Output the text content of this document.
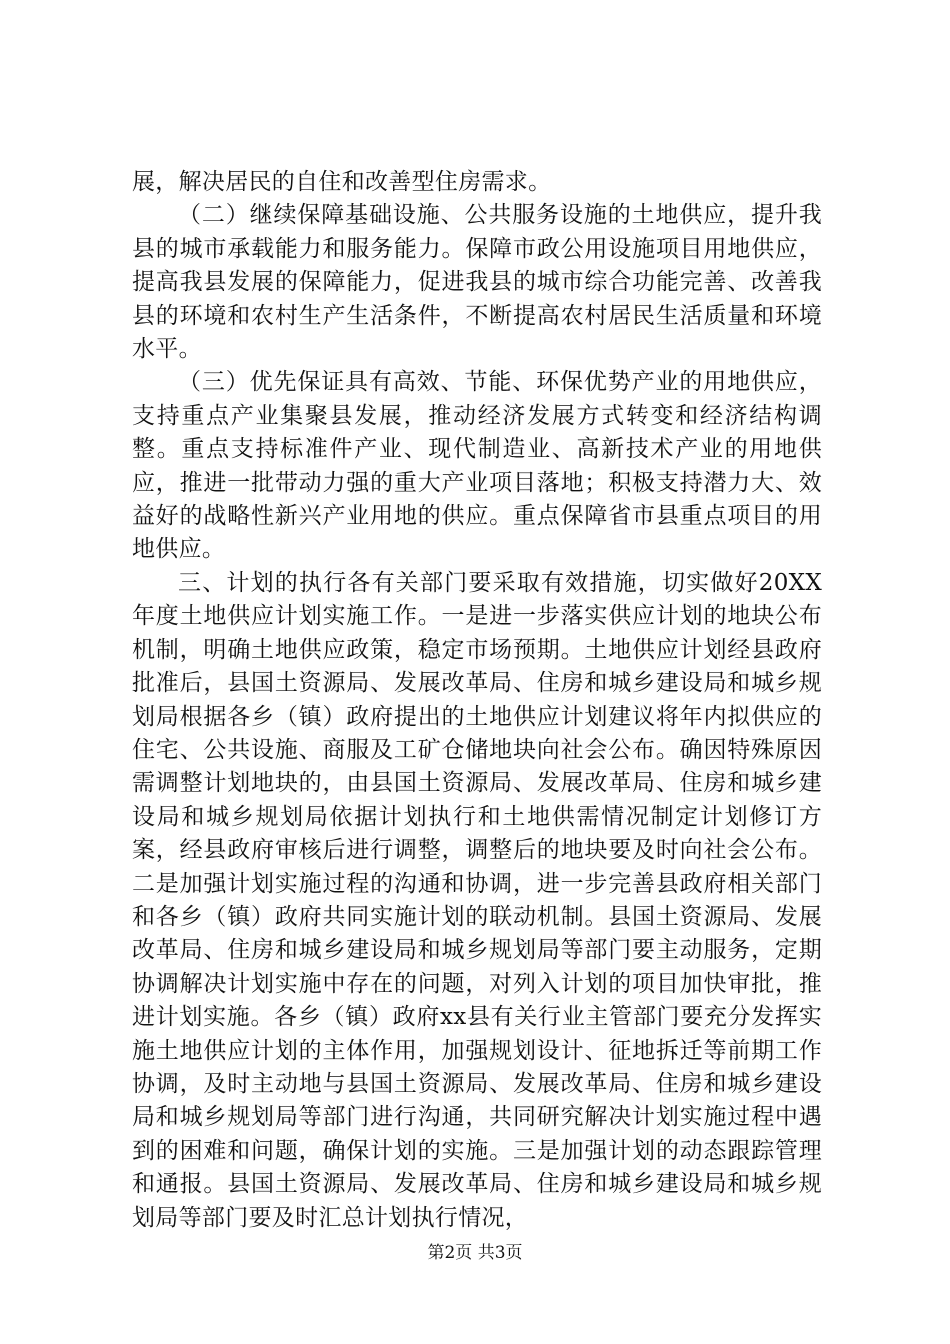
展，解决居民的自住和改善型住房需求。

（二）继续保障基础设施、公共服务设施的土地供应，提升我县的城市承载能力和服务能力。保障市政公用设施项目用地供应，提高我县发展的保障能力，促进我县的城市综合功能完善、改善我县的环境和农村生产生活条件，不断提高农村居民生活质量和环境水平。

（三）优先保证具有高效、节能、环保优势产业的用地供应，支持重点产业集聚县发展，推动经济发展方式转变和经济结构调整。重点支持标准件产业、现代制造业、高新技术产业的用地供应，推进一批带动力强的重大产业项目落地；积极支持潜力大、效益好的战略性新兴产业用地的供应。重点保障省市县重点项目的用地供应。

三、计划的执行各有关部门要采取有效措施，切实做好20XX年度土地供应计划实施工作。一是进一步落实供应计划的地块公布机制，明确土地供应政策，稳定市场预期。土地供应计划经县政府批准后，县国土资源局、发展改革局、住房和城乡建设局和城乡规划局根据各乡（镇）政府提出的土地供应计划建议将年内拟供应的住宅、公共设施、商服及工矿仓储地块向社会公布。确因特殊原因需调整计划地块的，由县国土资源局、发展改革局、住房和城乡建设局和城乡规划局依据计划执行和土地供需情况制定计划修订方案，经县政府审核后进行调整，调整后的地块要及时向社会公布。二是加强计划实施过程的沟通和协调，进一步完善县政府相关部门和各乡（镇）政府共同实施计划的联动机制。县国土资源局、发展改革局、住房和城乡建设局和城乡规划局等部门要主动服务，定期协调解决计划实施中存在的问题，对列入计划的项目加快审批，推进计划实施。各乡（镇）政府xx县有关行业主管部门要充分发挥实施土地供应计划的主体作用，加强规划设计、征地拆迁等前期工作协调，及时主动地与县国土资源局、发展改革局、住房和城乡建设局和城乡规划局等部门进行沟通，共同研究解决计划实施过程中遇到的困难和问题，确保计划的实施。三是加强计划的动态跟踪管理和通报。县国土资源局、发展改革局、住房和城乡建设局和城乡规划局等部门要及时汇总计划执行情况，

第2页 共3页
